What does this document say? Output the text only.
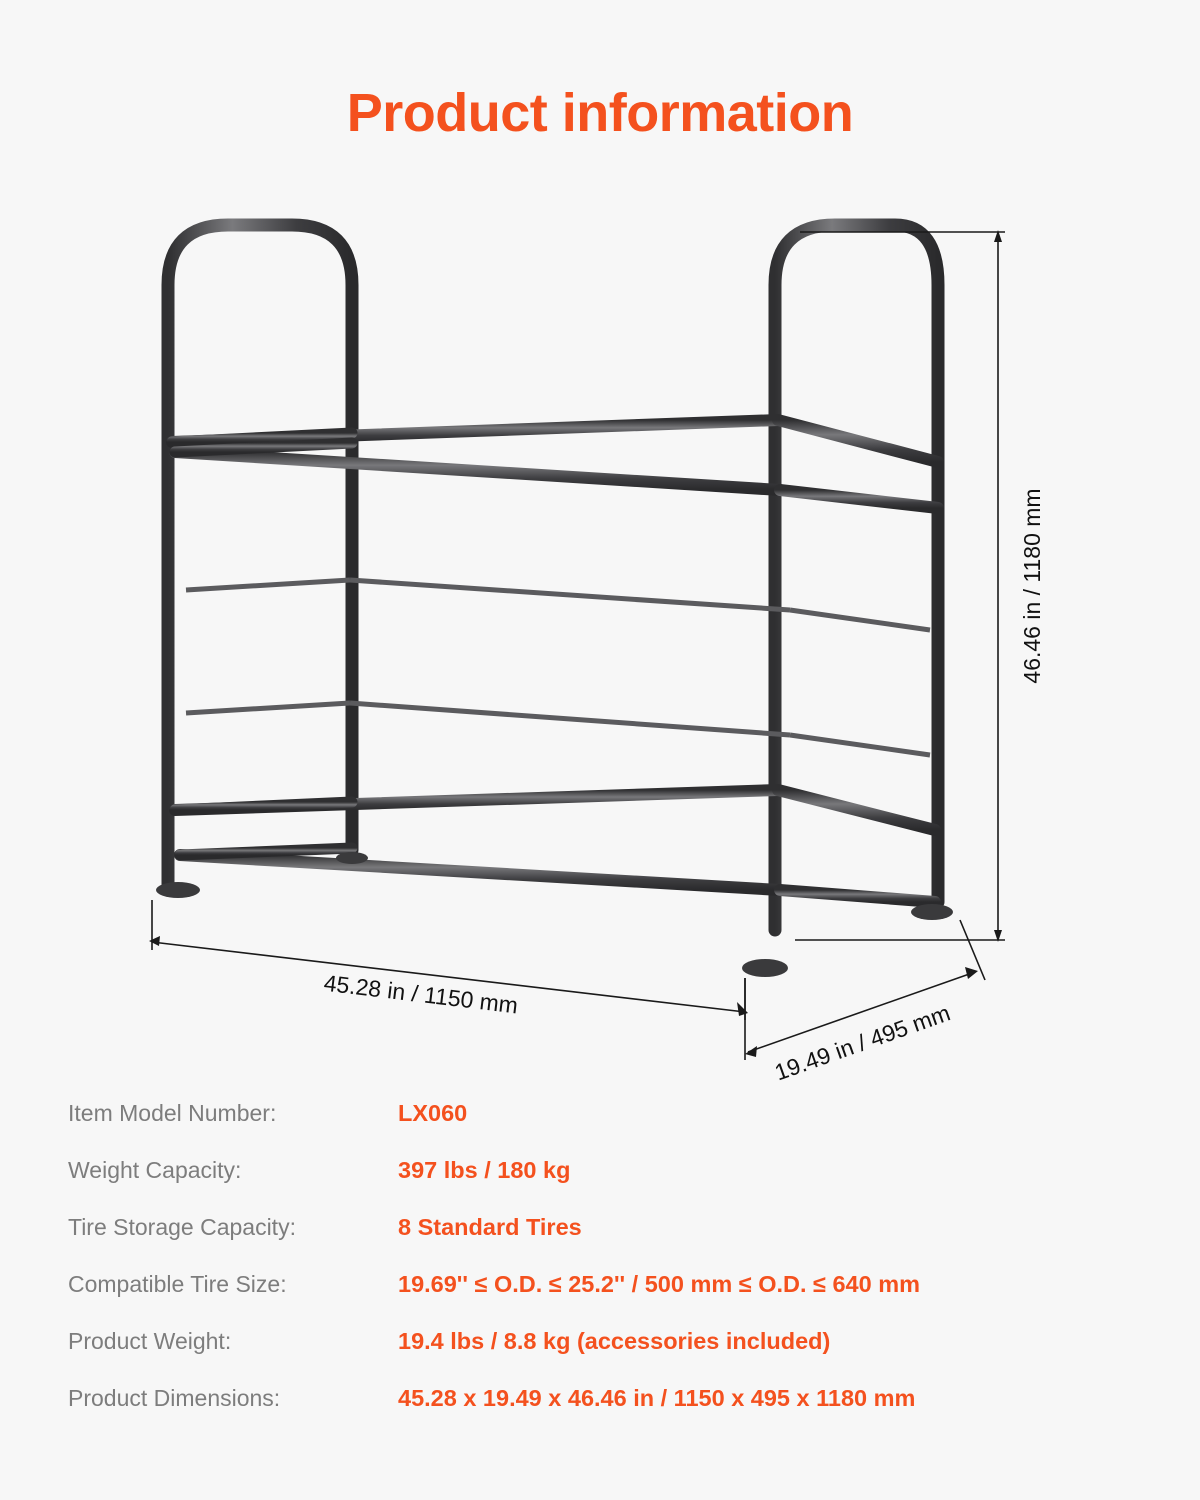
Product information
46.46 in / 1180 mm
45.28 in / 1150 mm
19.49 in / 495 mm
Item Model Number:	LX060
Weight Capacity:	397 lbs / 180 kg
Tire Storage Capacity:	8 Standard Tires
Compatible Tire Size:	19.69'' ≤ O.D. ≤ 25.2'' / 500 mm ≤ O.D. ≤ 640 mm
Product Weight:	19.4 lbs / 8.8 kg (accessories included)
Product Dimensions:	45.28 x 19.49 x 46.46 in / 1150 x 495 x 1180 mm
